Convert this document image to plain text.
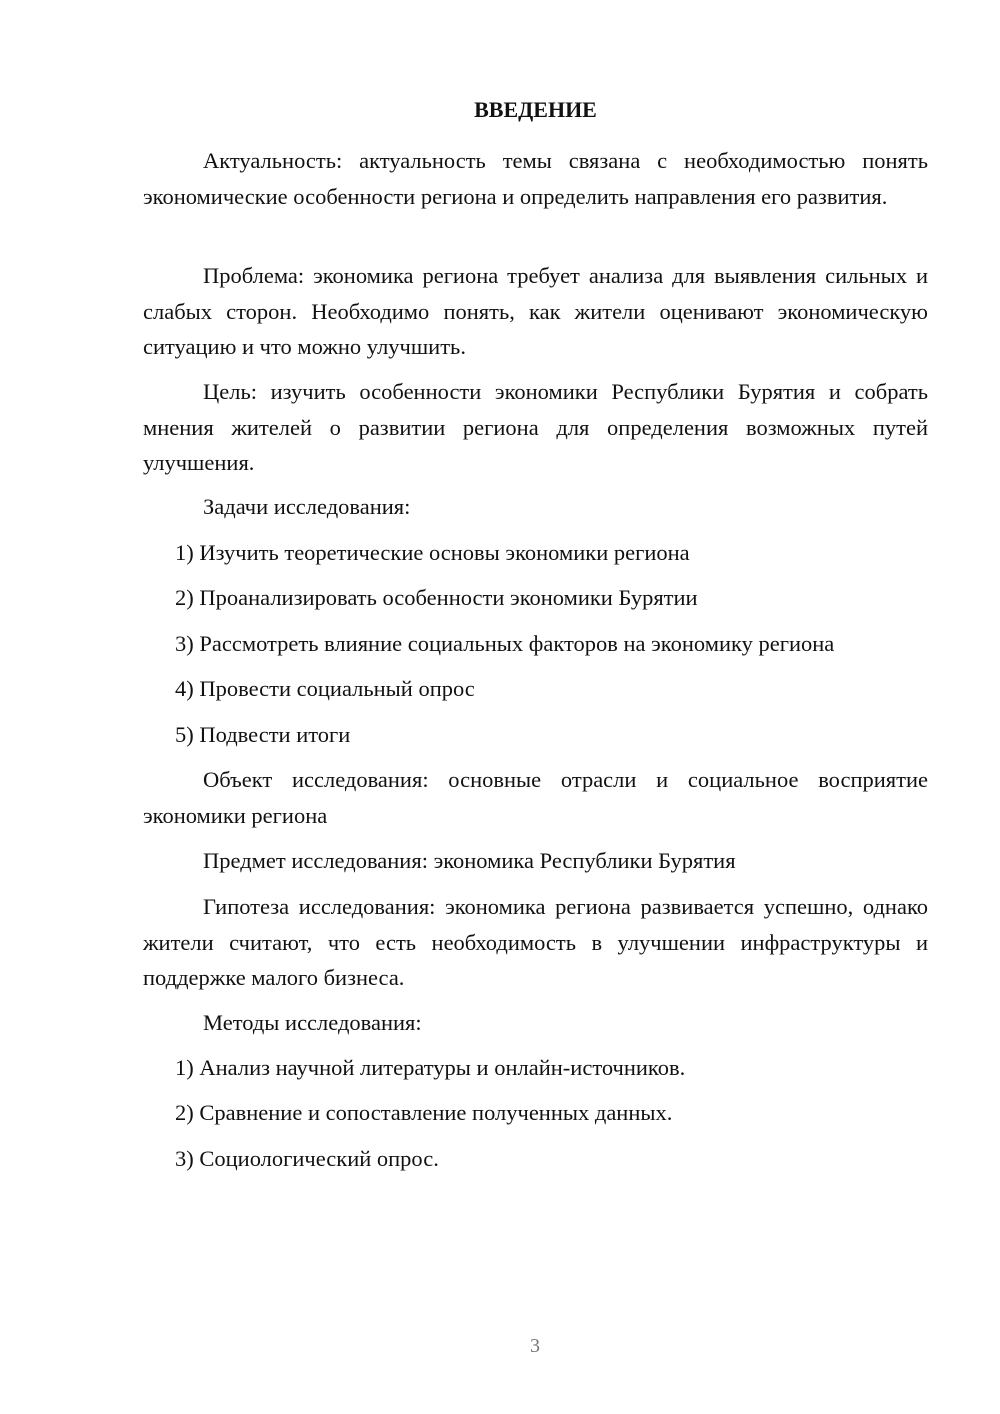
ВВЕДЕНИЕ

Актуальность: актуальность темы связана с необходимостью понять экономические особенности региона и определить направления его развития.

Проблема: экономика региона требует анализа для выявления сильных и слабых сторон. Необходимо понять, как жители оценивают экономическую ситуацию и что можно улучшить.

Цель: изучить особенности экономики Республики Бурятия и собрать мнения жителей о развитии региона для определения возможных путей улучшения.

Задачи исследования:

1) Изучить теоретические основы экономики региона

2) Проанализировать особенности экономики Бурятии

3) Рассмотреть влияние социальных факторов на экономику региона

4) Провести социальный опрос

5) Подвести итоги

Объект исследования: основные отрасли и социальное восприятие экономики региона

Предмет исследования: экономика Республики Бурятия

Гипотеза исследования: экономика региона развивается успешно, однако жители считают, что есть необходимость в улучшении инфраструктуры и поддержке малого бизнеса.

Методы исследования:

1) Анализ научной литературы и онлайн-источников.

2) Сравнение и сопоставление полученных данных.

3) Социологический опрос.

3
